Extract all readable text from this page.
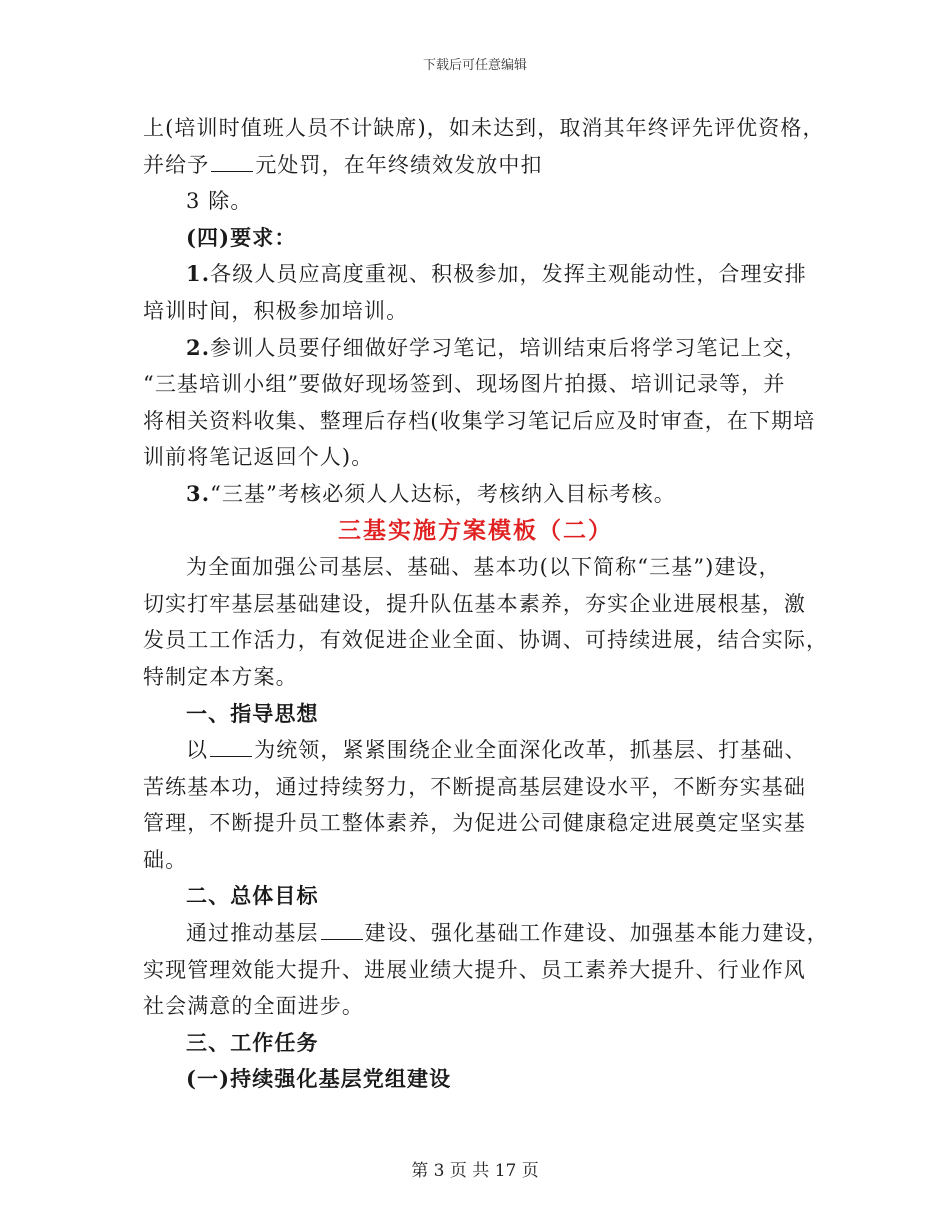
下载后可任意编辑
上(培训时值班人员不计缺席)，如未达到，取消其年终评先评优资格，
并给予 元处罚，在年终绩效发放中扣
3 除。
(四)要求：
1.各级人员应高度重视、积极参加，发挥主观能动性，合理安排
培训时间，积极参加培训。
2.参训人员要仔细做好学习笔记，培训结束后将学习笔记上交，
“三基培训小组”要做好现场签到、现场图片拍摄、培训记录等，并
将相关资料收集、整理后存档(收集学习笔记后应及时审查，在下期培
训前将笔记返回个人)。
3.“三基”考核必须人人达标，考核纳入目标考核。
三基实施方案模板（二）
为全面加强公司基层、基础、基本功(以下简称“三基”)建设，
切实打牢基层基础建设，提升队伍基本素养，夯实企业进展根基，激
发员工工作活力，有效促进企业全面、协调、可持续进展，结合实际，
特制定本方案。
一、指导思想
以 为统领，紧紧围绕企业全面深化改革，抓基层、打基础、
苦练基本功，通过持续努力，不断提高基层建设水平，不断夯实基础
管理，不断提升员工整体素养，为促进公司健康稳定进展奠定坚实基
础。
二、总体目标
通过推动基层 建设、强化基础工作建设、加强基本能力建设，
实现管理效能大提升、进展业绩大提升、员工素养大提升、行业作风
社会满意的全面进步。
三、工作任务
(一)持续强化基层党组建设
第 3 页 共 17 页
